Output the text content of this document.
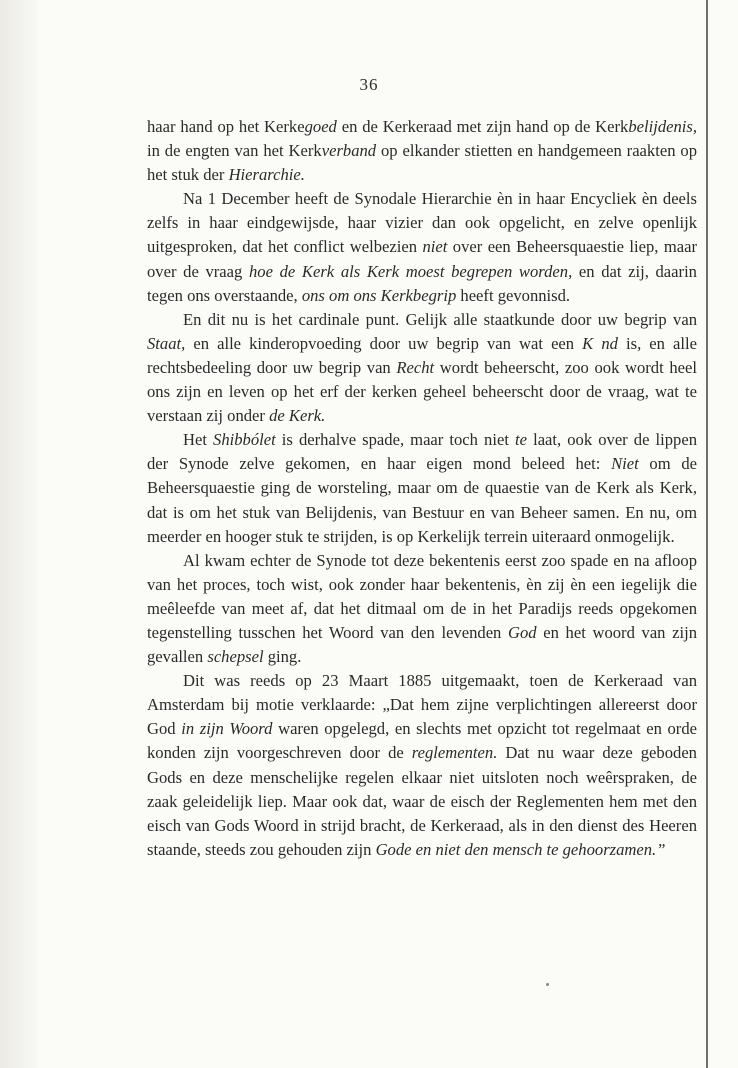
36

haar hand op het Kerkegoed en de Kerkeraad met zijn hand op de Kerkbelijdenis, in de engten van het Kerkverband op elkander stietten en handgemeen raakten op het stuk der Hierarchie.

Na 1 December heeft de Synodale Hierarchie èn in haar Encycliek èn deels zelfs in haar eindgewijsde, haar vizier dan ook opgelicht, en zelve openlijk uitgesproken, dat het conflict welbezien niet over een Beheersquaestie liep, maar over de vraag hoe de Kerk als Kerk moest begrepen worden, en dat zij, daarin tegen ons overstaande, ons om ons Kerkbegrip heeft gevonnisd.

En dit nu is het cardinale punt. Gelijk alle staatkunde door uw begrip van Staat, en alle kinderopvoeding door uw begrip van wat een K nd is, en alle rechtsbedeeling door uw begrip van Recht wordt beheerscht, zoo ook wordt heel ons zijn en leven op het erf der kerken geheel beheerscht door de vraag, wat te verstaan zij onder de Kerk.

Het Shibbólet is derhalve spade, maar toch niet te laat, ook over de lippen der Synode zelve gekomen, en haar eigen mond beleed het: Niet om de Beheersquaestie ging de worsteling, maar om de quaestie van de Kerk als Kerk, dat is om het stuk van Belijdenis, van Bestuur en van Beheer samen. En nu, om meerder en hooger stuk te strijden, is op Kerkelijk terrein uiteraard onmogelijk.

Al kwam echter de Synode tot deze bekentenis eerst zoo spade en na afloop van het proces, toch wist, ook zonder haar bekentenis, èn zij èn een iegelijk die meêleefde van meet af, dat het ditmaal om de in het Paradijs reeds opgekomen tegenstelling tusschen het Woord van den levenden God en het woord van zijn gevallen schepsel ging.

Dit was reeds op 23 Maart 1885 uitgemaakt, toen de Kerkeraad van Amsterdam bij motie verklaarde: „Dat hem zijne verplichtingen allereerst door God in zijn Woord waren opgelegd, en slechts met opzicht tot regelmaat en orde konden zijn voorgeschreven door de reglementen. Dat nu waar deze geboden Gods en deze menschelijke regelen elkaar niet uitsloten noch weêrspraken, de zaak geleidelijk liep. Maar ook dat, waar de eisch der Reglementen hem met den eisch van Gods Woord in strijd bracht, de Kerkeraad, als in den dienst des Heeren staande, steeds zou gehouden zijn Gode en niet den mensch te gehoorzamen.”
